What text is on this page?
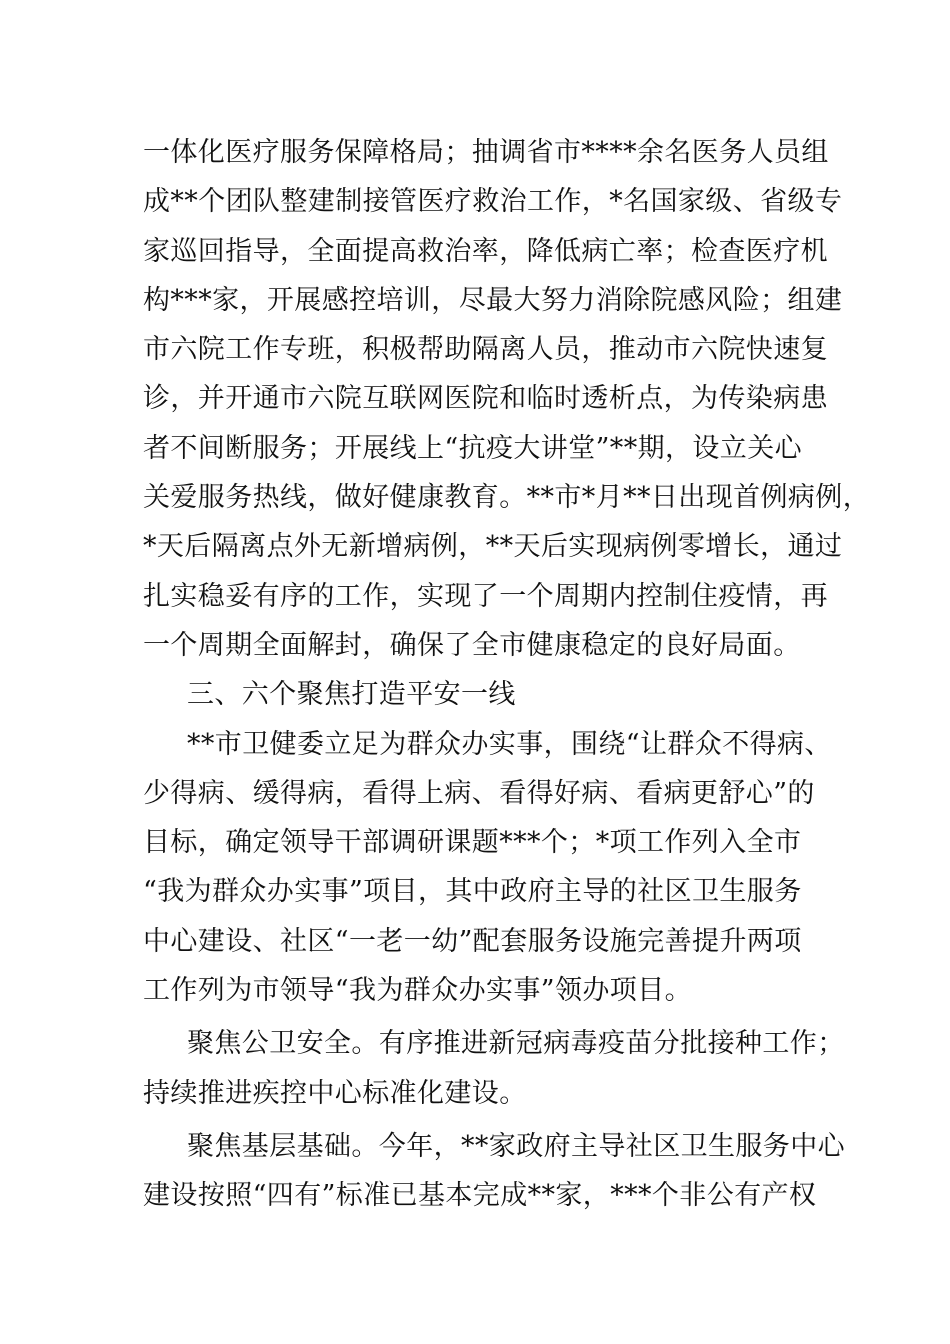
一体化医疗服务保障格局；抽调省市****余名医务人员组
成**个团队整建制接管医疗救治工作，*名国家级、省级专
家巡回指导，全面提高救治率，降低病亡率；检查医疗机
构***家，开展感控培训，尽最大努力消除院感风险；组建
市六院工作专班，积极帮助隔离人员，推动市六院快速复
诊，并开通市六院互联网医院和临时透析点，为传染病患
者不间断服务；开展线上“抗疫大讲堂”**期，设立关心
关爱服务热线，做好健康教育。**市*月**日出现首例病例，
*天后隔离点外无新增病例，**天后实现病例零增长，通过
扎实稳妥有序的工作，实现了一个周期内控制住疫情，再
一个周期全面解封，确保了全市健康稳定的良好局面。
三、六个聚焦打造平安一线
**市卫健委立足为群众办实事，围绕“让群众不得病、
少得病、缓得病，看得上病、看得好病、看病更舒心”的
目标，确定领导干部调研课题***个；*项工作列入全市
“我为群众办实事”项目，其中政府主导的社区卫生服务
中心建设、社区“一老一幼”配套服务设施完善提升两项
工作列为市领导“我为群众办实事”领办项目。
聚焦公卫安全。有序推进新冠病毒疫苗分批接种工作；
持续推进疾控中心标准化建设。
聚焦基层基础。今年，**家政府主导社区卫生服务中心
建设按照“四有”标准已基本完成**家，***个非公有产权
